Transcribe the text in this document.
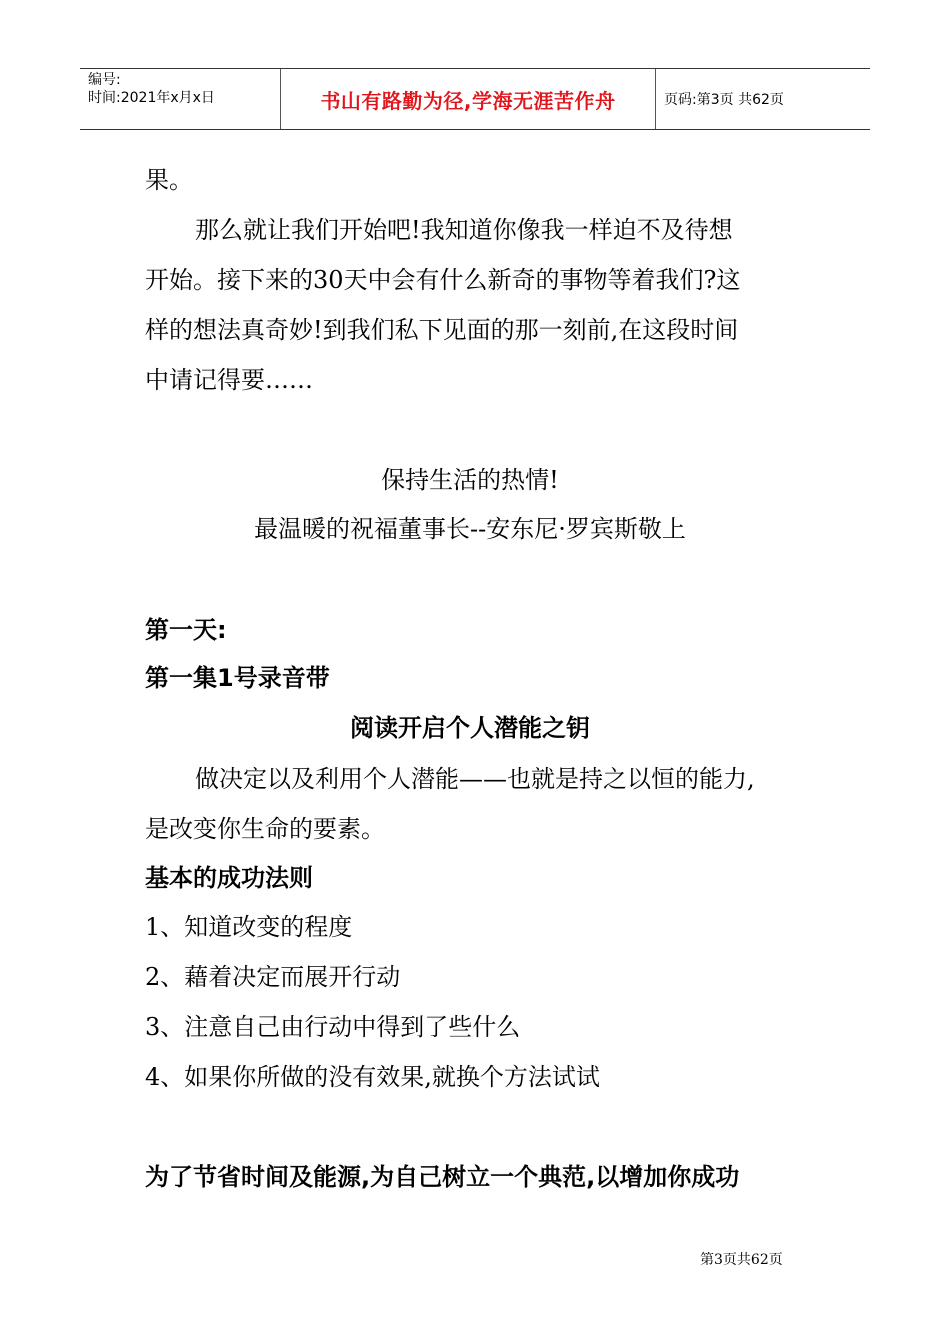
编号:
时间:2021年x月x日	书山有路勤为径,学海无涯苦作舟	页码:第3页 共62页
果。
那么就让我们开始吧!我知道你像我一样迫不及待想
开始。接下来的30天中会有什么新奇的事物等着我们?这
样的想法真奇妙!到我们私下见面的那一刻前,在这段时间
中请记得要……
保持生活的热情!
最温暖的祝福董事长--安东尼·罗宾斯敬上
第一天:
第一集1号录音带
阅读开启个人潜能之钥
做决定以及利用个人潜能——也就是持之以恒的能力,
是改变你生命的要素。
基本的成功法则
1、知道改变的程度
2、藉着决定而展开行动
3、注意自己由行动中得到了些什么
4、如果你所做的没有效果,就换个方法试试
为了节省时间及能源,为自己树立一个典范,以增加你成功
第3页共62页
